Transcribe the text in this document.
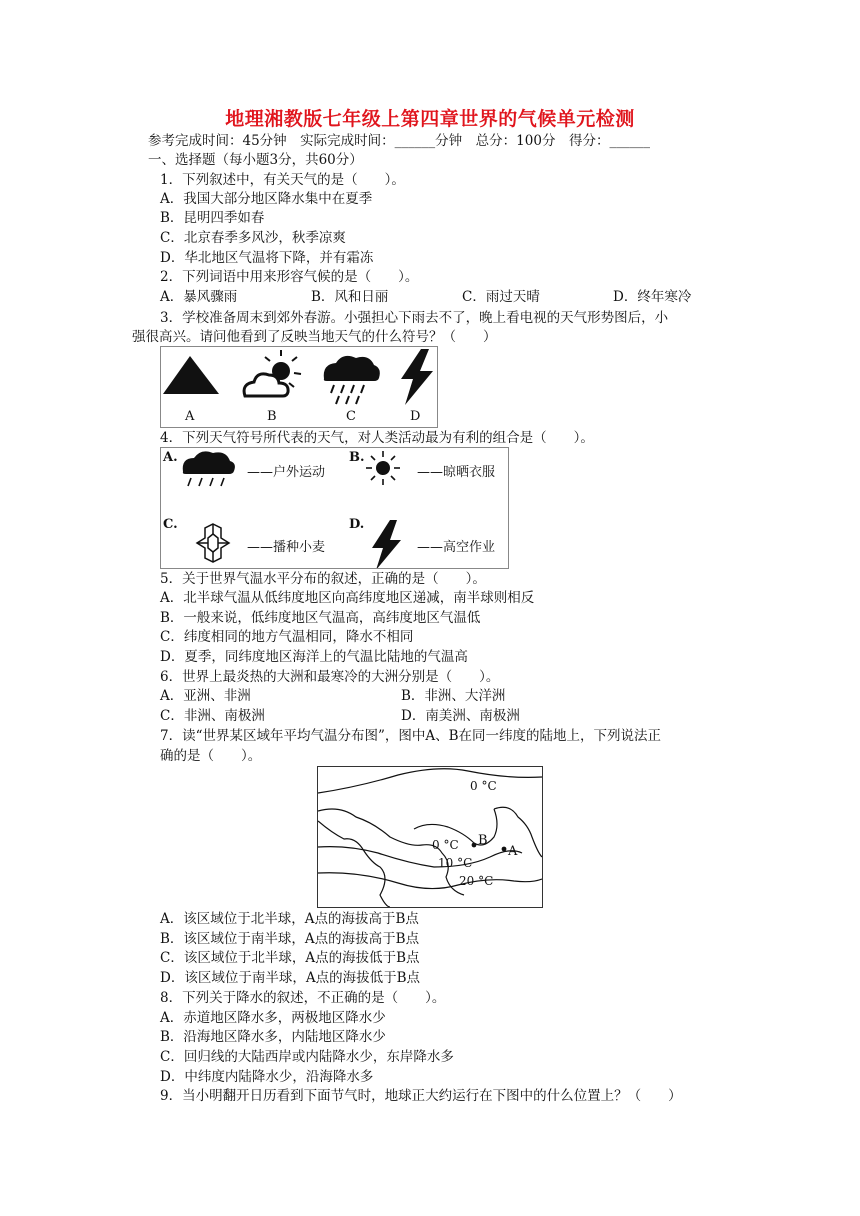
地理湘教版七年级上第四章世界的气候单元检测
参考完成时间：45分钟　实际完成时间：______分钟　总分：100分　得分：______
一、选择题（每小题3分，共60分）
1．下列叙述中，有关天气的是（　　）。
A．我国大部分地区降水集中在夏季
B．昆明四季如春
C．北京春季多风沙，秋季凉爽
D．华北地区气温将下降，并有霜冻
2．下列词语中用来形容气候的是（　　）。
A．暴风骤雨	B．风和日丽	C．雨过天晴	D．终年寒冷
3．学校准备周末到郊外春游。小强担心下雨去不了，晚上看电视的天气形势图后，小
强很高兴。请问他看到了反映当地天气的什么符号？（　　）
A	B	C	D
4．下列天气符号所代表的天气，对人类活动最为有利的组合是（　　）。
A.
——户外运动
B.
——晾晒衣服
C.
——播种小麦
D.
——高空作业
5．关于世界气温水平分布的叙述，正确的是（　　）。
A．北半球气温从低纬度地区向高纬度地区递减，南半球则相反
B．一般来说，低纬度地区气温高，高纬度地区气温低
C．纬度相同的地方气温相同，降水不相同
D．夏季，同纬度地区海洋上的气温比陆地的气温高
6．世界上最炎热的大洲和最寒冷的大洲分别是（　　）。
A．亚洲、非洲	B．非洲、大洋洲
C．非洲、南极洲	D．南美洲、南极洲
7．读“世界某区域年平均气温分布图”，图中A、B在同一纬度的陆地上，下列说法正
确的是（　　）。
0 °C
0 °C B
A
10 °C
20 °C
A．该区域位于北半球，A点的海拔高于B点
B．该区域位于南半球，A点的海拔高于B点
C．该区域位于北半球，A点的海拔低于B点
D．该区域位于南半球，A点的海拔低于B点
8．下列关于降水的叙述，不正确的是（　　）。
A．赤道地区降水多，两极地区降水少
B．沿海地区降水多，内陆地区降水少
C．回归线的大陆西岸或内陆降水少，东岸降水多
D．中纬度内陆降水少，沿海降水多
9．当小明翻开日历看到下面节气时，地球正大约运行在下图中的什么位置上？（　　）
